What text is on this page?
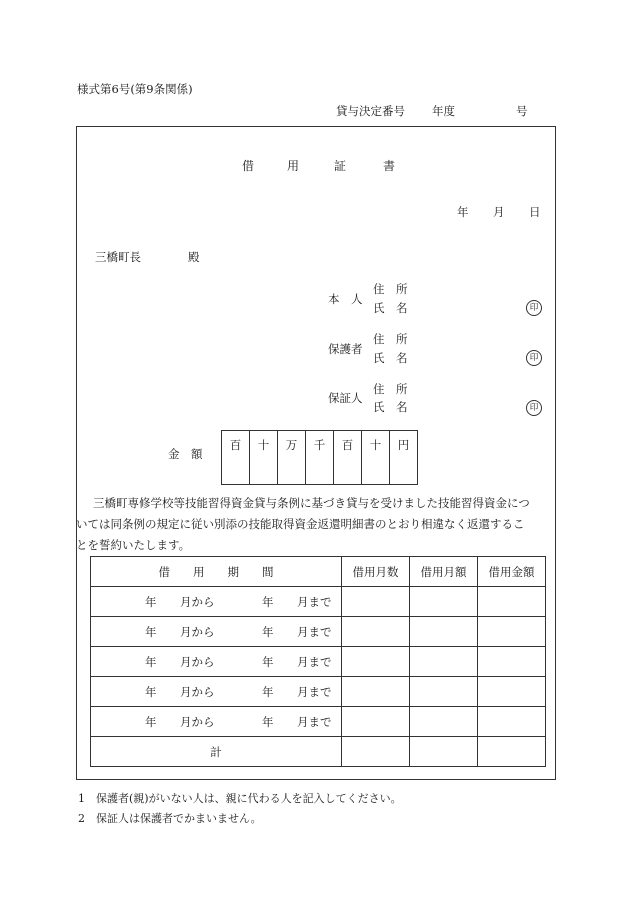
様式第6号(第9条関係)
貸与決定番号 年度	号
借	用	証	書
年 月 日
三橋町長	殿
本　人
住　所
氏　名	印
保護者
住　所
氏　名	印
保証人
住　所
氏　名	印
金　額
百	十	万	千	百	十	円
三橋町専修学校等技能習得資金貸与条例に基づき貸与を受けました技能習得資金につ
いては同条例の規定に従い別添の技能取得資金返還明細書のとおり相違なく返還するこ
とを誓約いたします。
借　　用　　期　　間	借用月数	借用月額	借用金額

年 月から 年 月まで			

年 月から 年 月まで			

年 月から 年 月まで			

年 月から 年 月まで			

年 月から 年 月まで			

計			
1 保護者(親)がいない人は、親に代わる人を記入してください。
2 保証人は保護者でかまいません。
